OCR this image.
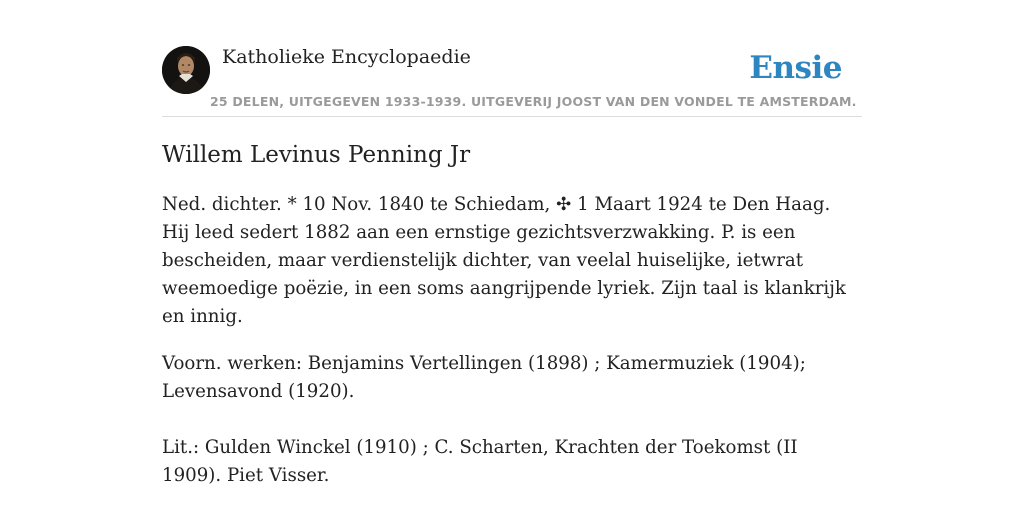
Katholieke Encyclopaedie	Ensie
25 DELEN, UITGEGEVEN 1933-1939. UITGEVERIJ JOOST VAN DEN VONDEL TE AMSTERDAM.
Willem Levinus Penning Jr

Ned. dichter. * 10 Nov. 1840 te Schiedam, ✣ 1 Maart 1924 te Den Haag. Hij leed sedert 1882 aan een ernstige gezichtsverzwakking. P. is een bescheiden, maar verdienstelijk dichter, van veelal huiselijke, ietwrat weemoedige poëzie, in een soms aangrijpende lyriek. Zijn taal is klankrijk en innig.

Voorn. werken: Benjamins Vertellingen (1898) ; Kamermuziek (1904); Levensavond (1920).

Lit.: Gulden Winckel (1910) ; C. Scharten, Krachten der Toekomst (II 1909). Piet Visser.
